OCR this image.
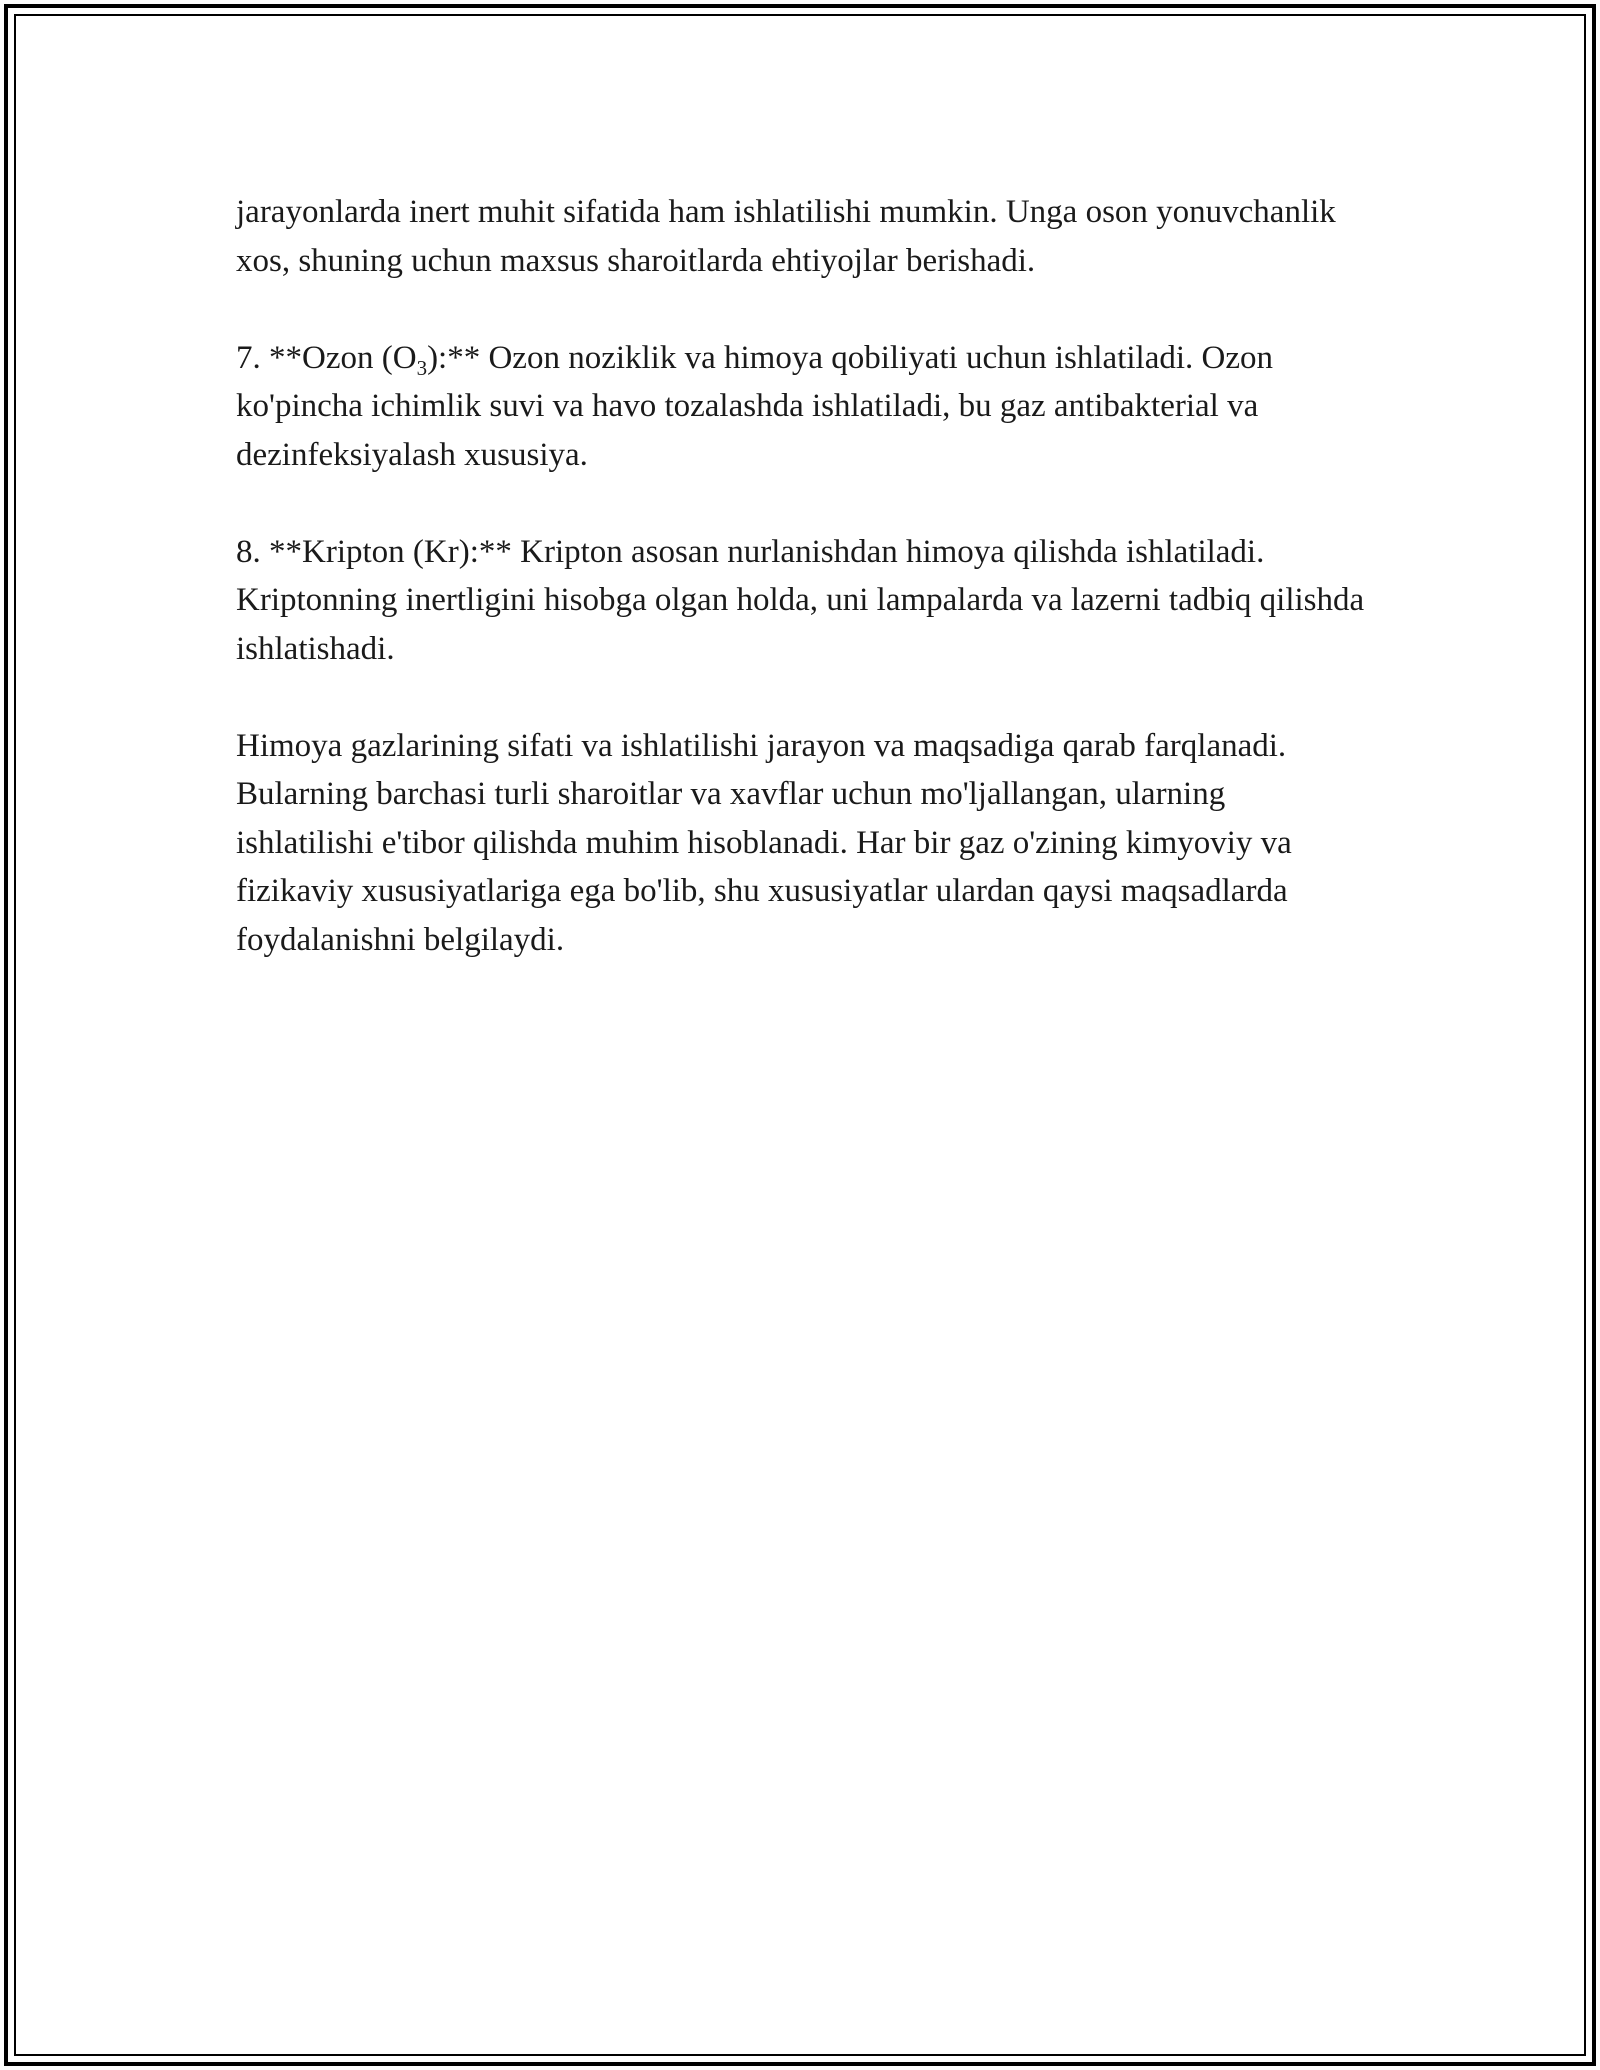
jarayonlarda inert muhit sifatida ham ishlatilishi mumkin. Unga oson yonuvchanlik xos, shuning uchun maxsus sharoitlarda ehtiyojlar berishadi.

7. **Ozon $(O_3):**$ Ozon noziklik va himoya qobiliyati uchun ishlatiladi. Ozon ko'pincha ichimlik suvi va havo tozalashda ishlatiladi, bu gaz antibakterial va dezinfeksiyalash xususiya.

8. **Kripton (Kr):** Kripton asosan nurlanishdan himoya qilishda ishlatiladi. Kriptonning inertligini hisobga olgan holda, uni lampalarda va lazerni tadbiq qilishda ishlatishadi.

Himoya gazlarining sifati va ishlatilishi jarayon va maqsadiga qarab farqlanadi. Bularning barchasi turli sharoitlar va xavflar uchun mo'ljallangan, ularning ishlatilishi e'tibor qilishda muhim hisoblanadi. Har bir gaz o'zining kimyoviy va fizikaviy xususiyatlariga ega bo'lib, shu xususiyatlar ulardan qaysi maqsadlarda foydalanishni belgilaydi.
